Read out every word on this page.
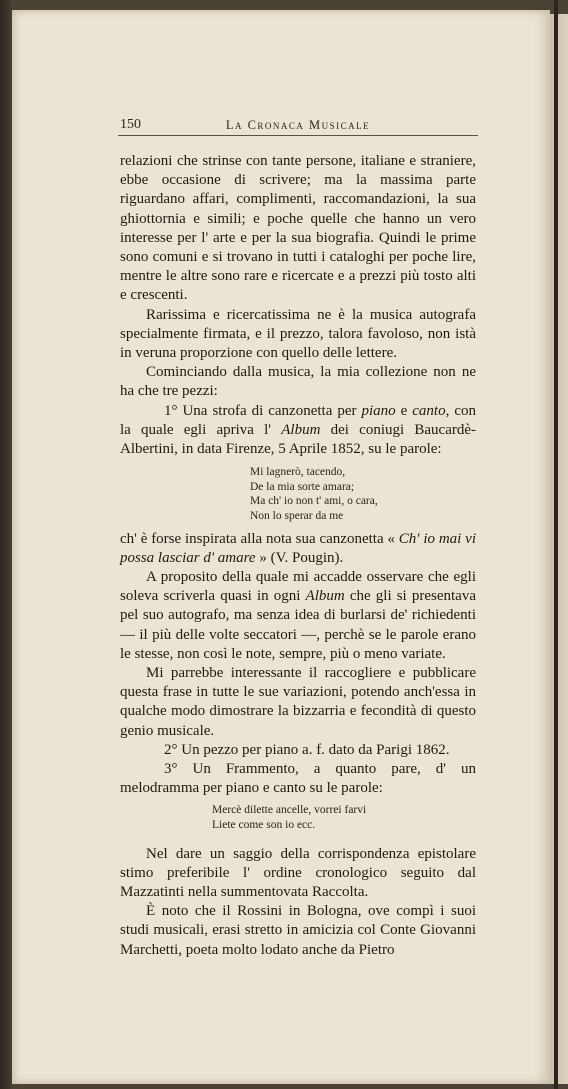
150	La Cronaca Musicale

relazioni che strinse con tante persone, italiane e straniere, ebbe occasione di scrivere; ma la massima parte riguardano affari, complimenti, raccomandazioni, la sua ghiottornia e simili; e poche quelle che hanno un vero interesse per l' arte e per la sua biografia. Quindi le prime sono comuni e si trovano in tutti i cataloghi per poche lire, mentre le altre sono rare e ricercate e a prezzi più tosto alti e crescenti.

Rarissima e ricercatissima ne è la musica autografa specialmente firmata, e il prezzo, talora favoloso, non istà in veruna proporzione con quello delle lettere.

Cominciando dalla musica, la mia collezione non ne ha che tre pezzi:

1° Una strofa di canzonetta per piano e canto, con la quale egli apriva l' Album dei coniugi Baucardè-Albertini, in data Firenze, 5 Aprile 1852, su le parole:

Mi lagnerò, tacendo,
De la mia sorte amara;
Ma ch' io non t' ami, o cara,
Non lo sperar da me

ch' è forse inspirata alla nota sua canzonetta « Ch' io mai vi possa lasciar d' amare » (V. Pougin).

A proposito della quale mi accadde osservare che egli soleva scriverla quasi in ogni Album che gli si presentava pel suo autografo, ma senza idea di burlarsi de' richiedenti — il più delle volte seccatori —, perchè se le parole erano le stesse, non così le note, sempre, più o meno variate.

Mi parrebbe interessante il raccogliere e pubblicare questa frase in tutte le sue variazioni, potendo anch'essa in qualche modo dimostrare la bizzarria e fecondità di questo genio musicale.

2° Un pezzo per piano a. f. dato da Parigi 1862.

3° Un Frammento, a quanto pare, d' un melodramma per piano e canto su le parole:

Mercè dilette ancelle, vorrei farvi
Liete come son io ecc.

Nel dare un saggio della corrispondenza epistolare stimo preferibile l' ordine cronologico seguito dal Mazzatinti nella summentovata Raccolta.

È noto che il Rossini in Bologna, ove compì i suoi studi musicali, erasi stretto in amicizia col Conte Giovanni Marchetti, poeta molto lodato anche da Pietro
